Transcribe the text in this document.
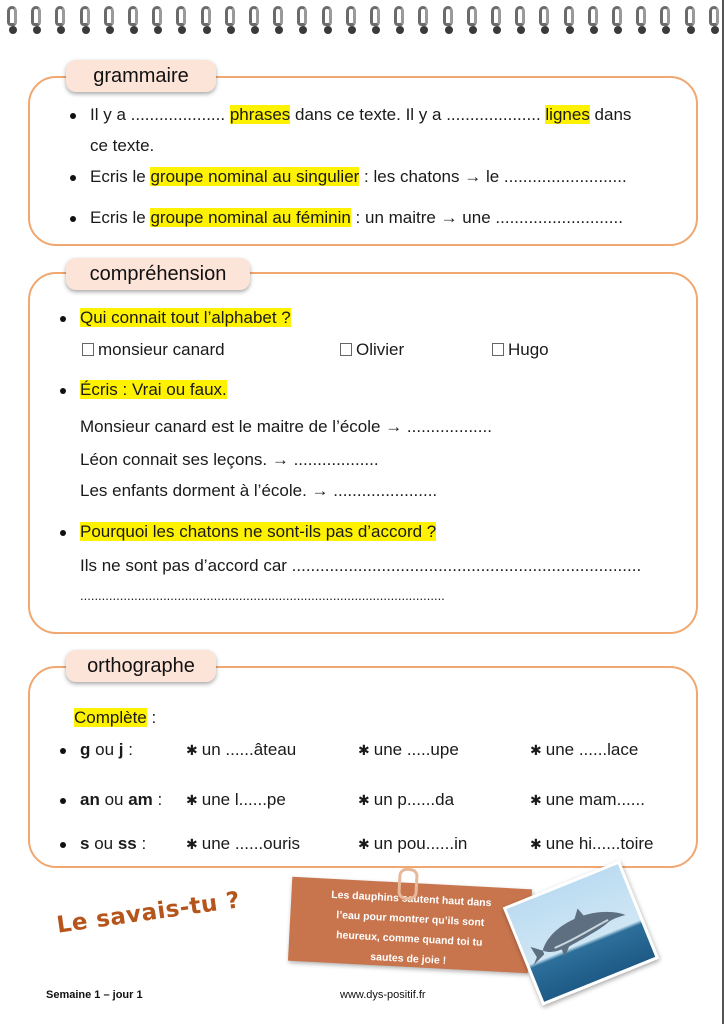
grammaire
Il y a .................... phrases dans ce texte. Il y a .................... lignes dans
ce texte.
Ecris le groupe nominal au singulier : les chatons → le ..........................
Ecris le groupe nominal au féminin : un maitre → une ...........................
compréhension
Qui connait tout l’alphabet ?
monsieur canard	Olivier	Hugo
Écris : Vrai ou faux.
Monsieur canard est le maitre de l’école → ..................
Léon connait ses leçons. → ..................
Les enfants dorment à l’école. → ......................
Pourquoi les chatons ne sont-ils pas d’accord ?
Ils ne sont pas d’accord car ..........................................................................
.....................................................................................................
orthographe
Complète :
g ou j :	✱ un ......âteau	✱ une .....upe	✱ une ......lace
an ou am : ✱ une l......pe	✱ un p......da	✱ une mam......
s ou ss :	✱ une ......ouris	✱ un pou......in	✱ une hi......toire
Le savais-tu ?	Les dauphins sautent haut dans
l’eau pour montrer qu’ils sont
heureux, comme quand toi tu
sautes de joie !
Semaine 1 – jour 1	www.dys-positif.fr
